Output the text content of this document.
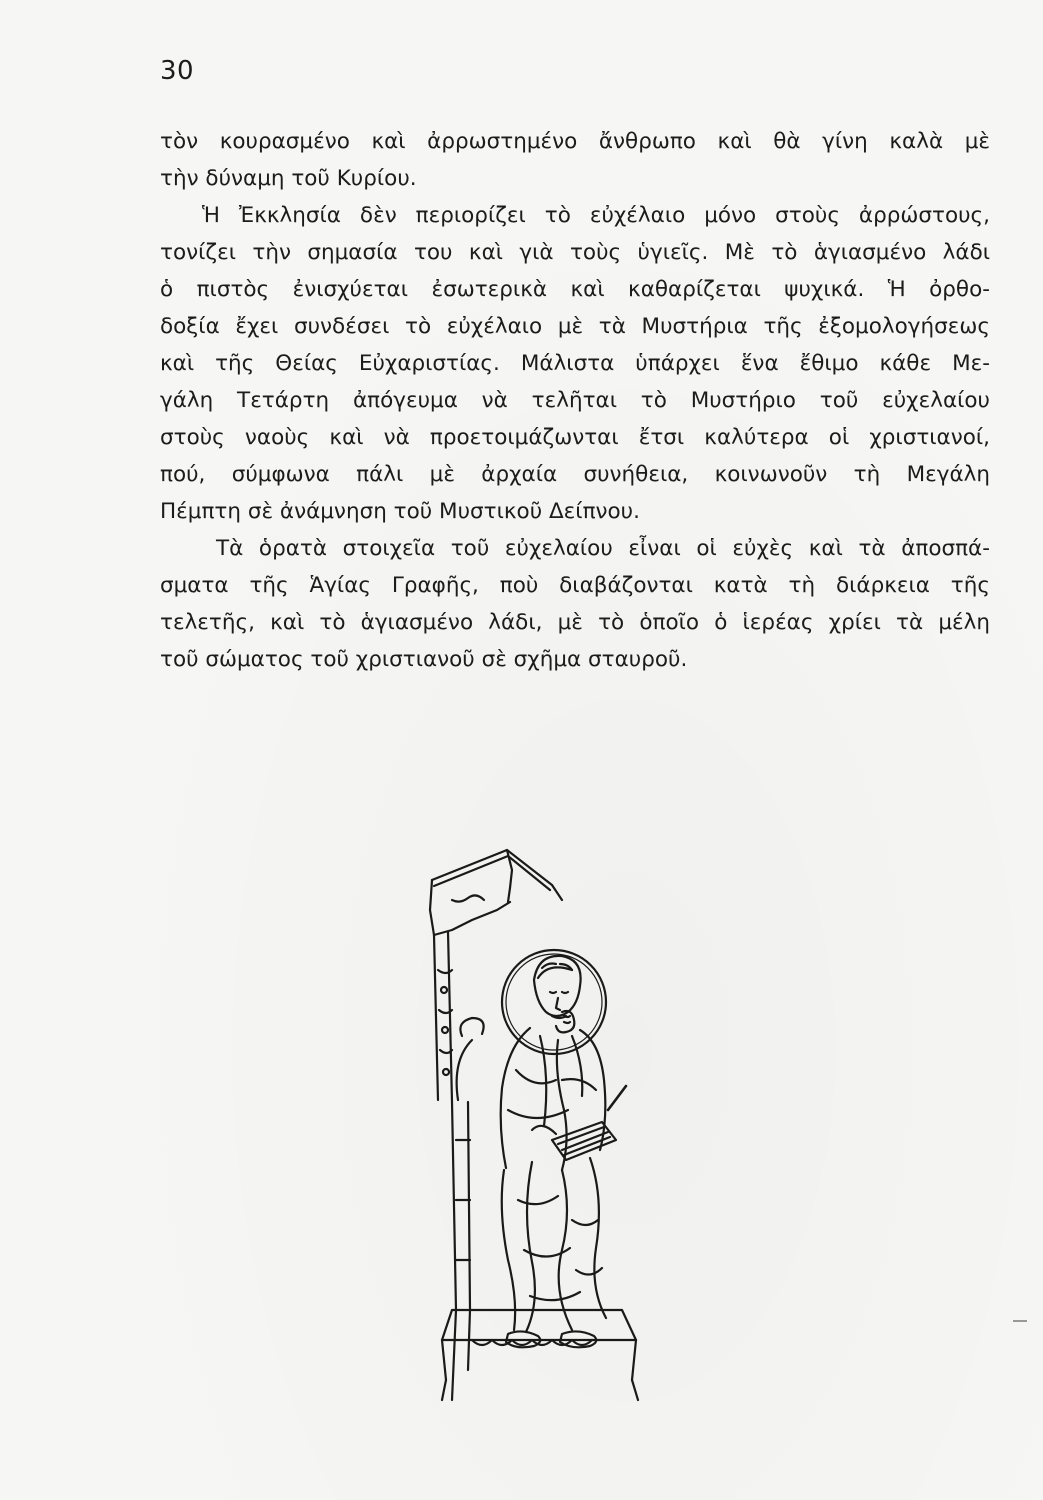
30
τὸν κουρασμένο καὶ ἀρρωστημένο ἄνθρωπο καὶ θὰ γίνη καλὰ μὲ
τὴν δύναμη τοῦ Κυρίου.
Ἡ Ἐκκλησία δὲν περιορίζει τὸ εὐχέλαιο μόνο στοὺς ἀρρώστους,
τονίζει τὴν σημασία του καὶ γιὰ τοὺς ὑγιεῖς. Μὲ τὸ ἁγιασμένο λάδι
ὁ πιστὸς ἐνισχύεται ἐσωτερικὰ καὶ καθαρίζεται ψυχικά. Ἡ ὀρθο-
δοξία ἔχει συνδέσει τὸ εὐχέλαιο μὲ τὰ Μυστήρια τῆς ἐξομολογήσεως
καὶ τῆς Θείας Εὐχαριστίας. Μάλιστα ὑπάρχει ἕνα ἔθιμο κάθε Με-
γάλη Τετάρτη ἀπόγευμα νὰ τελῆται τὸ Μυστήριο τοῦ εὐχελαίου
στοὺς ναοὺς καὶ νὰ προετοιμάζωνται ἔτσι καλύτερα οἱ χριστιανοί,
πού, σύμφωνα πάλι μὲ ἀρχαία συνήθεια, κοινωνοῦν τὴ Μεγάλη
Πέμπτη σὲ ἀνάμνηση τοῦ Μυστικοῦ Δείπνου.
Τὰ ὁρατὰ στοιχεῖα τοῦ εὐχελαίου εἶναι οἱ εὐχὲς καὶ τὰ ἀποσπά-
σματα τῆς Ἁγίας Γραφῆς, ποὺ διαβάζονται κατὰ τὴ διάρκεια τῆς
τελετῆς, καὶ τὸ ἁγιασμένο λάδι, μὲ τὸ ὁποῖο ὁ ἱερέας χρίει τὰ μέλη
τοῦ σώματος τοῦ χριστιανοῦ σὲ σχῆμα σταυροῦ.
